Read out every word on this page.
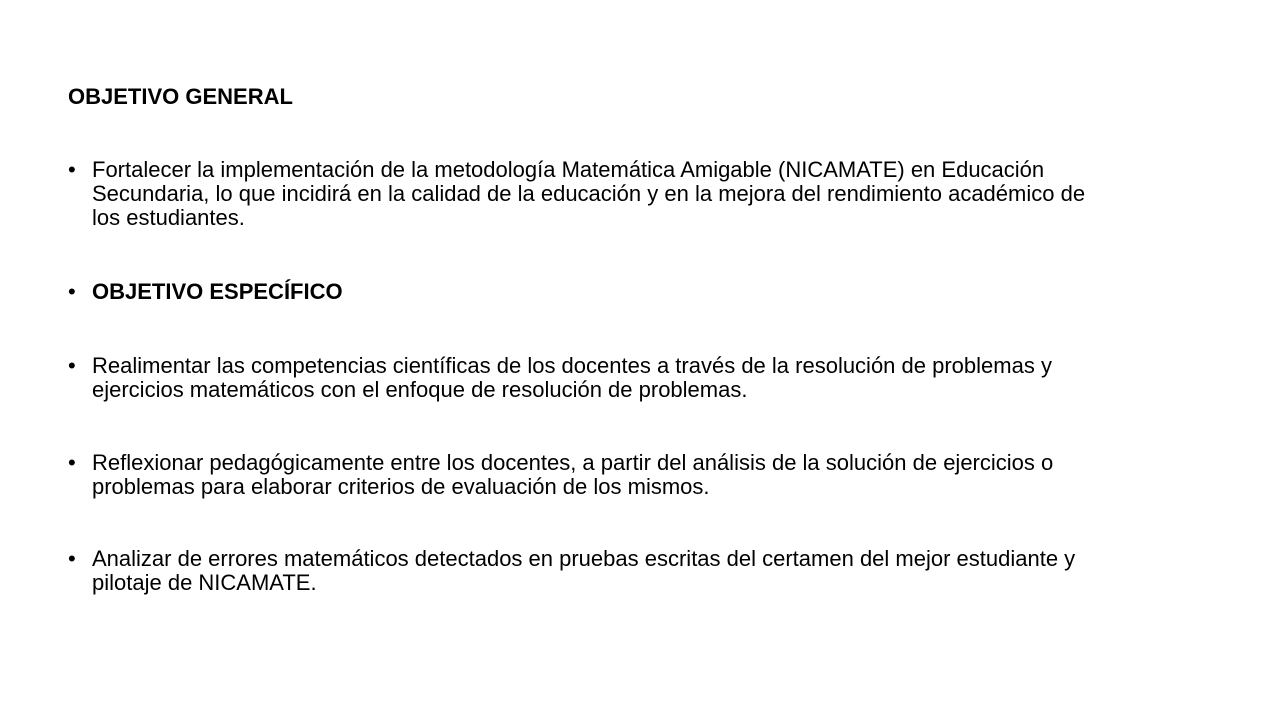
OBJETIVO GENERAL
• Fortalecer la implementación de la metodología Matemática Amigable (NICAMATE) en Educación Secundaria, lo que incidirá en la calidad de la educación y en la mejora del rendimiento académico de los estudiantes.
• OBJETIVO ESPECÍFICO
• Realimentar las competencias científicas de los docentes a través de la resolución de problemas y ejercicios matemáticos con el enfoque de resolución de problemas.
• Reflexionar pedagógicamente entre los docentes, a partir del análisis de la solución de ejercicios o problemas para elaborar criterios de evaluación de los mismos.
• Analizar de errores matemáticos detectados en pruebas escritas del certamen del mejor estudiante y pilotaje de NICAMATE.
